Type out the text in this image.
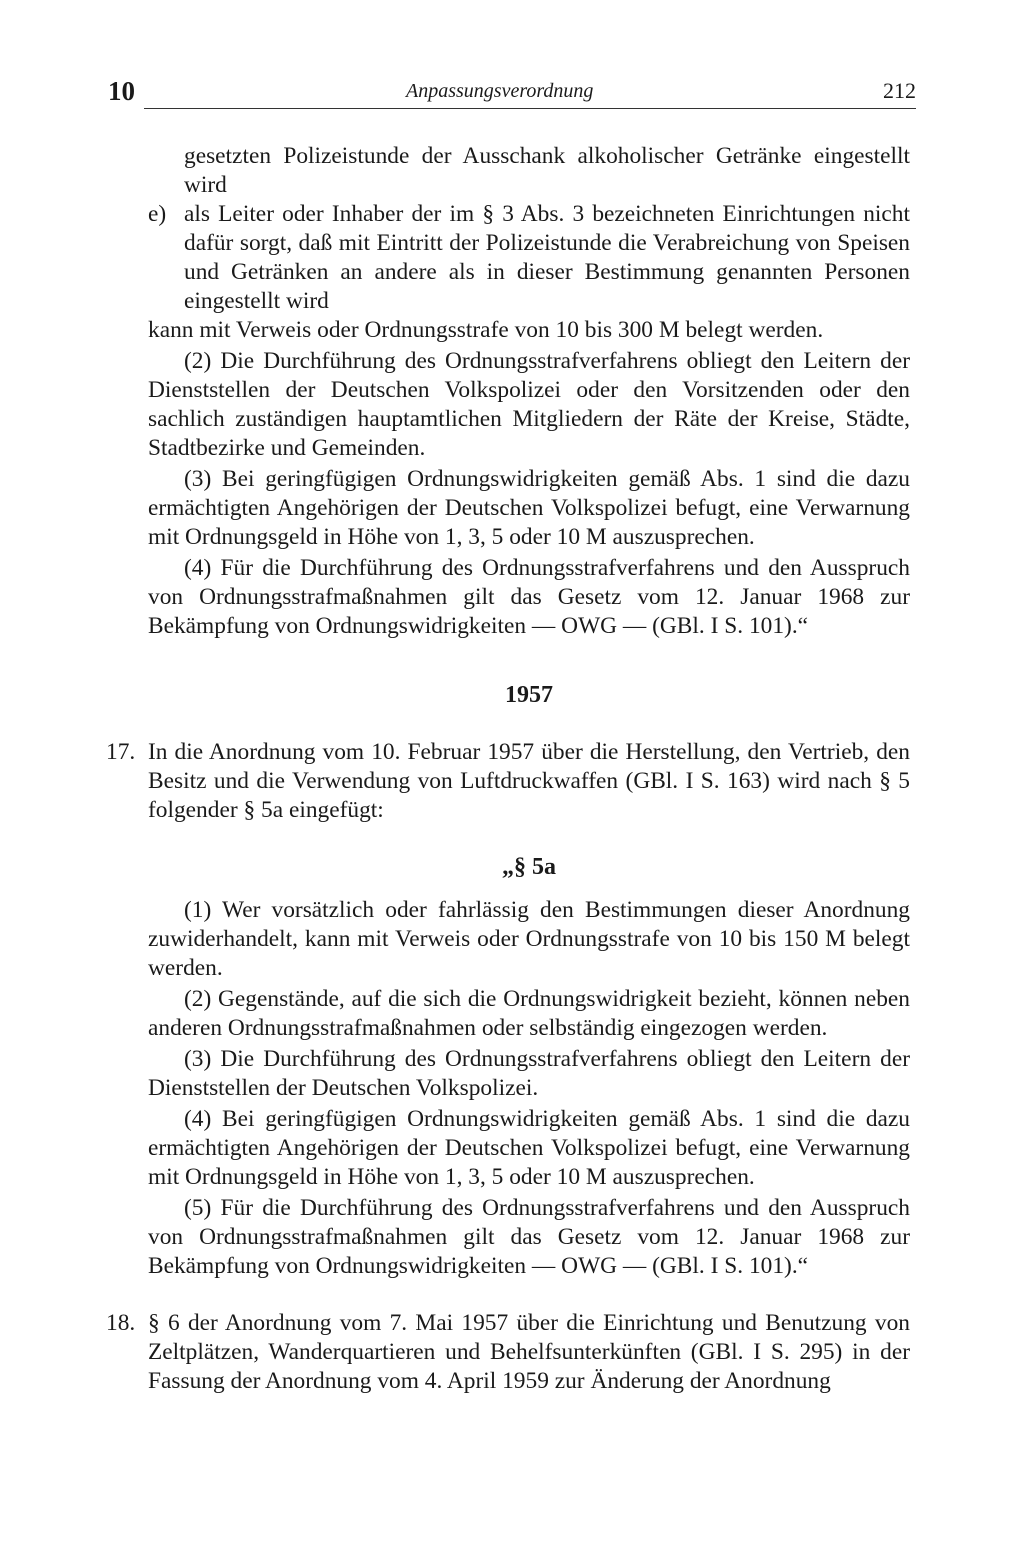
10	Anpassungsverordnung	212

gesetzten Polizeistunde der Ausschank alkoholischer Getränke eingestellt wird

e) als Leiter oder Inhaber der im § 3 Abs. 3 bezeichneten Einrichtungen nicht dafür sorgt, daß mit Eintritt der Polizeistunde die Verabreichung von Speisen und Getränken an andere als in dieser Bestimmung genannten Personen eingestellt wird

kann mit Verweis oder Ordnungsstrafe von 10 bis 300 M belegt werden.

(2) Die Durchführung des Ordnungsstrafverfahrens obliegt den Leitern der Dienststellen der Deutschen Volkspolizei oder den Vorsitzenden oder den sachlich zuständigen hauptamtlichen Mitgliedern der Räte der Kreise, Städte, Stadtbezirke und Gemeinden.

(3) Bei geringfügigen Ordnungswidrigkeiten gemäß Abs. 1 sind die dazu ermächtigten Angehörigen der Deutschen Volkspolizei befugt, eine Verwarnung mit Ordnungsgeld in Höhe von 1, 3, 5 oder 10 M auszusprechen.

(4) Für die Durchführung des Ordnungsstrafverfahrens und den Ausspruch von Ordnungsstrafmaßnahmen gilt das Gesetz vom 12. Januar 1968 zur Bekämpfung von Ordnungswidrigkeiten — OWG — (GBl. I S. 101).“

1957
17. In die Anordnung vom 10. Februar 1957 über die Herstellung, den Vertrieb, den Besitz und die Verwendung von Luftdruckwaffen (GBl. I S. 163) wird nach § 5 folgender § 5a eingefügt:
„§ 5a

(1) Wer vorsätzlich oder fahrlässig den Bestimmungen dieser Anordnung zuwiderhandelt, kann mit Verweis oder Ordnungsstrafe von 10 bis 150 M belegt werden.

(2) Gegenstände, auf die sich die Ordnungswidrigkeit bezieht, können neben anderen Ordnungsstrafmaßnahmen oder selbständig eingezogen werden.

(3) Die Durchführung des Ordnungsstrafverfahrens obliegt den Leitern der Dienststellen der Deutschen Volkspolizei.

(4) Bei geringfügigen Ordnungswidrigkeiten gemäß Abs. 1 sind die dazu ermächtigten Angehörigen der Deutschen Volkspolizei befugt, eine Verwarnung mit Ordnungsgeld in Höhe von 1, 3, 5 oder 10 M auszusprechen.

(5) Für die Durchführung des Ordnungsstrafverfahrens und den Ausspruch von Ordnungsstrafmaßnahmen gilt das Gesetz vom 12. Januar 1968 zur Bekämpfung von Ordnungswidrigkeiten — OWG — (GBl. I S. 101).“

18. § 6 der Anordnung vom 7. Mai 1957 über die Einrichtung und Benutzung von Zeltplätzen, Wanderquartieren und Behelfsunterkünften (GBl. I S. 295) in der Fassung der Anordnung vom 4. April 1959 zur Änderung der Anordnung
